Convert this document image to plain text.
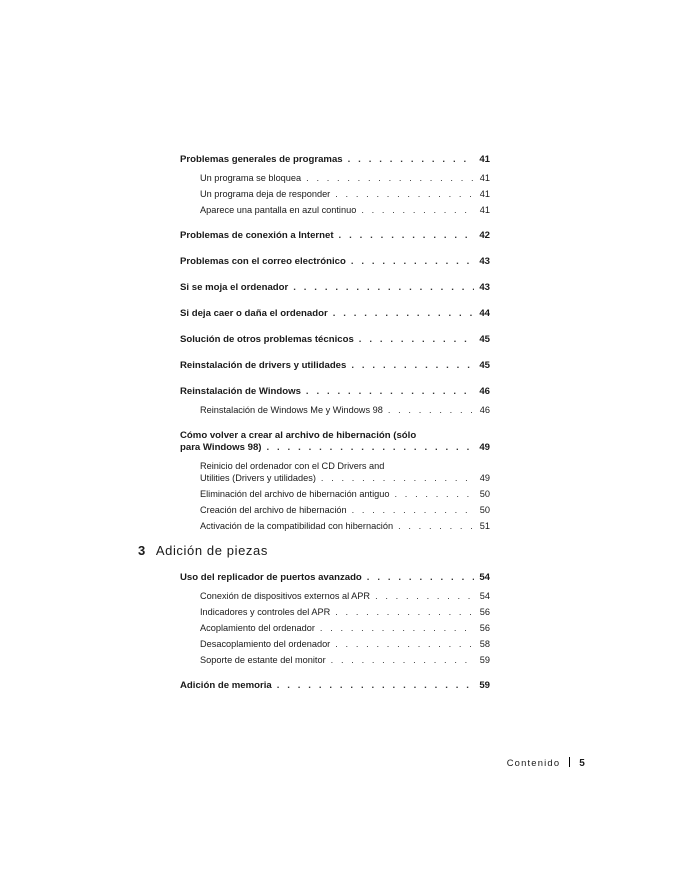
Problemas generales de programas . . .	41
Un programa se bloquea . . .	41
Un programa deja de responder . . .	41
Aparece una pantalla en azul continuo . . .	41
Problemas de conexión a Internet . . .	42
Problemas con el correo electrónico . . .	43
Si se moja el ordenador . . .	43
Si deja caer o daña el ordenador . . .	44
Solución de otros problemas técnicos . . .	45
Reinstalación de drivers y utilidades . . .	45
Reinstalación de Windows . . .	46
Reinstalación de Windows Me y Windows 98 . . .	46
Cómo volver a crear al archivo de hibernación (sólo
para Windows 98) . . .	49
Reinicio del ordenador con el CD Drivers and
Utilities (Drivers y utilidades) . . .	49
Eliminación del archivo de hibernación antiguo . . .	50
Creación del archivo de hibernación . . .	50
Activación de la compatibilidad con hibernación . . .	51
3 Adición de piezas
Uso del replicador de puertos avanzado . . .	54
Conexión de dispositivos externos al APR . . .	54
Indicadores y controles del APR . . .	56
Acoplamiento del ordenador . . .	56
Desacoplamiento del ordenador . . .	58
Soporte de estante del monitor . . .	59
Adición de memoria . . .	59
Contenido 5
